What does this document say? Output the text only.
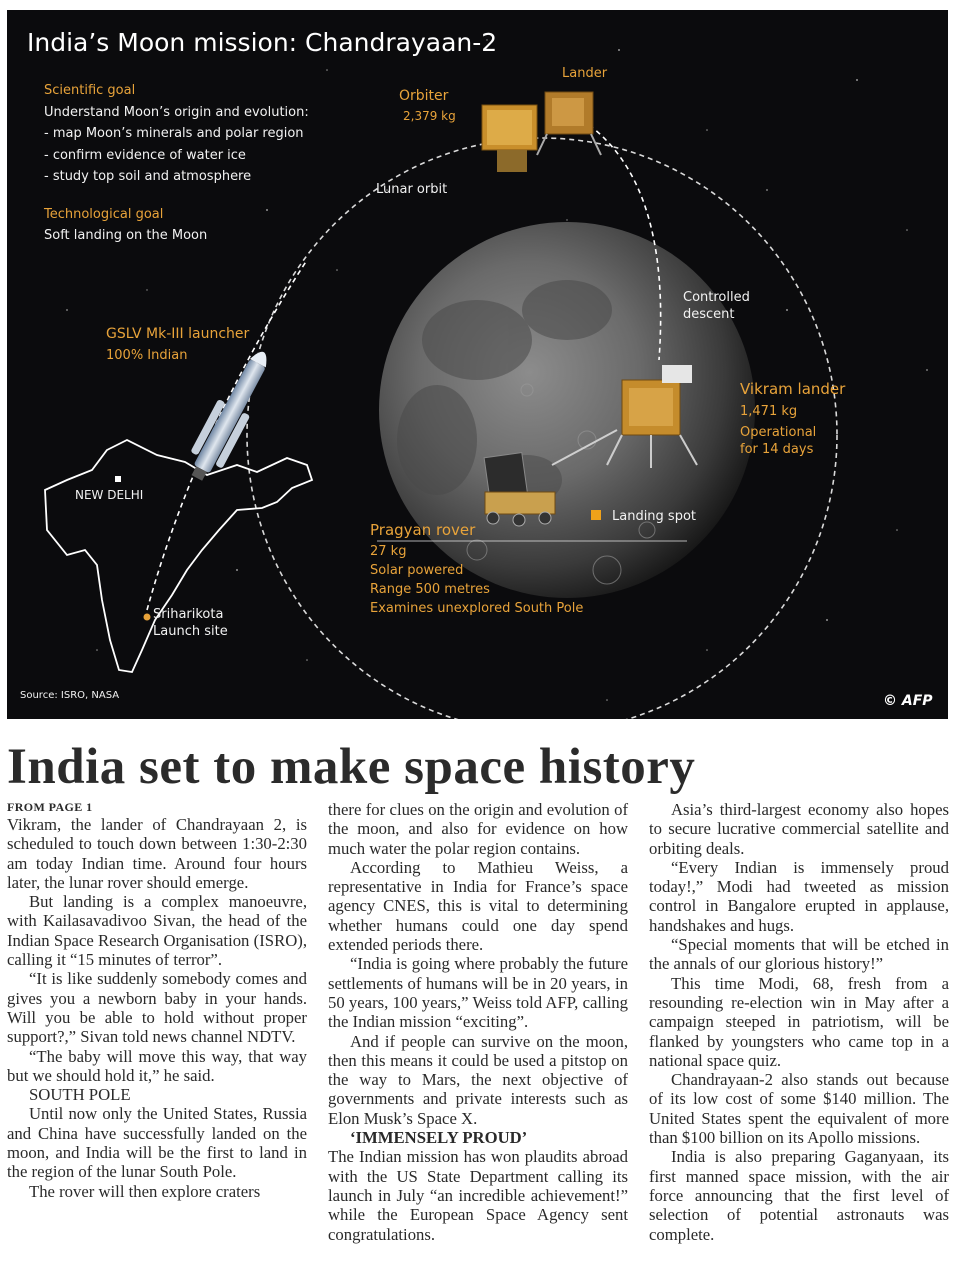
India’s Moon mission: Chandrayaan-2
Scientific goal
Understand Moon’s origin and evolution:
- map Moon’s minerals and polar region
- confirm evidence of water ice
- study top soil and atmosphere
Technological goal
Soft landing on the Moon
Orbiter
2,379 kg
Lander
Lunar orbit
Controlled
descent
GSLV Mk-III launcher
100% Indian
Vikram lander
1,471 kg
Operational
for 14 days
NEW DELHI
Landing spot
Pragyan rover
27 kg
Solar powered
Range 500 metres
Examines unexplored South Pole
Sriharikota
Launch site
Source: ISRO, NASA	© AFP
India set to make space history
FROM PAGE 1

Vikram, the lander of Chandrayaan 2, is scheduled to touch down between 1:30-2:30 am today Indian time. Around four hours later, the lunar rover should emerge.

But landing is a complex manoeuvre, with Kailasavadivoo Sivan, the head of the Indian Space Research Organisation (ISRO), calling it “15 minutes of terror”.

“It is like suddenly somebody comes and gives you a newborn baby in your hands. Will you be able to hold without proper support?,” Sivan told news channel NDTV.

“The baby will move this way, that way but we should hold it,” he said.

SOUTH POLE

Until now only the United States, Russia and China have successfully landed on the moon, and India will be the first to land in the region of the lunar South Pole.

The rover will then explore craters

there for clues on the origin and evolution of the moon, and also for evidence on how much water the polar region contains.

According to Mathieu Weiss, a representative in India for France’s space agency CNES, this is vital to determining whether humans could one day spend extended periods there.

“India is going where probably the future settlements of humans will be in 20 years, in 50 years, 100 years,” Weiss told AFP, calling the Indian mission “exciting”.

And if people can survive on the moon, then this means it could be used a pitstop on the way to Mars, the next objective of governments and private interests such as Elon Musk’s Space X.

‘IMMENSELY PROUD’

The Indian mission has won plaudits abroad with the US State Department calling its launch in July “an incredible achievement!” while the European Space Agency sent congratulations.

Asia’s third-largest economy also hopes to secure lucrative commercial satellite and orbiting deals.

“Every Indian is immensely proud today!,” Modi had tweeted as mission control in Bangalore erupted in applause, handshakes and hugs.

“Special moments that will be etched in the annals of our glorious history!”

This time Modi, 68, fresh from a resounding re-election win in May after a campaign steeped in patriotism, will be flanked by youngsters who came top in a national space quiz.

Chandrayaan-2 also stands out because of its low cost of some $140 million. The United States spent the equivalent of more than $100 billion on its Apollo missions.

India is also preparing Gaganyaan, its first manned space mission, with the air force announcing that the first level of selection of potential astronauts was complete.
